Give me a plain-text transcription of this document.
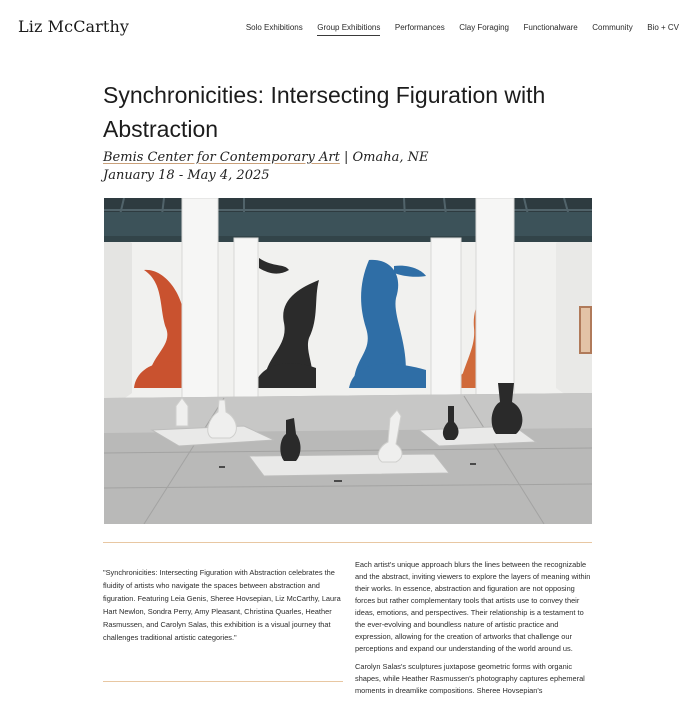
Liz McCarthy	Solo Exhibitions Group Exhibitions Performances Clay Foraging Functionalware Community Bio + CV
Synchronicities: Intersecting Figuration with Abstraction

Bemis Center for Contemporary Art | Omaha, NE

January 18 - May 4, 2025

"Synchronicities: Intersecting Figuration with Abstraction celebrates the fluidity of artists who navigate the spaces between abstraction and figuration. Featuring Leia Genis, Sheree Hovsepian, Liz McCarthy, Laura Hart Newlon, Sondra Perry, Amy Pleasant, Christina Quarles, Heather Rasmussen, and Carolyn Salas, this exhibition is a visual journey that challenges traditional artistic categories."

Each artist's unique approach blurs the lines between the recognizable and the abstract, inviting viewers to explore the layers of meaning within their works. In essence, abstraction and figuration are not opposing forces but rather complementary tools that artists use to convey their ideas, emotions, and perspectives. Their relationship is a testament to the ever-evolving and boundless nature of artistic practice and expression, allowing for the creation of artworks that challenge our perceptions and expand our understanding of the world around us.

Carolyn Salas's sculptures juxtapose geometric forms with organic shapes, while Heather Rasmussen's photography captures ephemeral moments in dreamlike compositions. Sheree Hovsepian's
